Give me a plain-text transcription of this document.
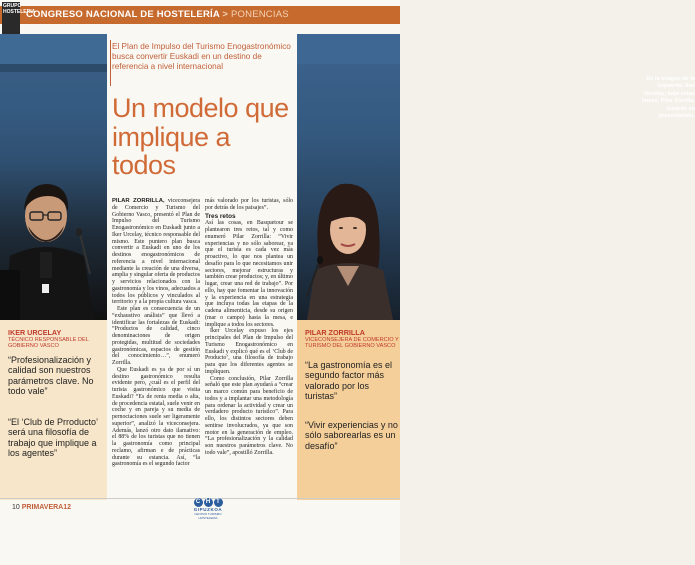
CONGRESO NACIONAL DE HOSTELERÍA > PONENCIAS
GRUPO HOSTELERIA
En la imagen de la izquierda, Iker Urcelay; bajo estas líneas, Pilar Zorrilla, durante su presentación.
El Plan de Impulso del Turismo Enogastronómico busca convertir Euskadi en un destino de referencia a nivel internacional
Un modelo que implique a todos

PILAR ZORRILLA, viceconsejera de Comercio y Turismo del Gobierno Vasco, presentó el Plan de Impulso del Turismo Enogastronómico en Euskadi junto a Iker Urcelay, técnico responsable del mismo. Este puntero plan busca convertir a Euskadi en uno de los destinos enogastronómicos de referencia a nivel internacional mediante la creación de una diversa, amplia y singular oferta de productos y servicios relacionados con la gastronomía y los vinos, adecuados a todos los públicos y vinculados al territorio y a la propia cultura vasca.

Este plan es consecuencia de un “exhaustivo análisis” que llevó a identificar las fortalezas de Euskadi: “Productos de calidad, cinco denominaciones de origen protegidas, multitud de sociedades gastronómicas, espacios de gestión del conocimiento…”, enumeró Zorrilla.

Que Euskadi es ya de por sí un destino gastronómico resulta evidente pero, ¿cuál es el perfil del turista gastronómico que visita Euskadi? “Es de renta media o alta, de procedencia estatal, suele venir en coche y en pareja y su media de pernoctaciones suele ser ligeramente superior”, analizó la viceconsejera. Además, lanzó otro dato ilamativo: el 88% de los turistas que no tienen la gastronomía como principal reclamo, afirman e de prácticas durante su estancia. Así, “la gastronomía es el segundo factor

más valorado por los turistas, sólo por detrás de los paisajes”.

Tres retos

Así las cosas, en Basquetour se plantearon tres retos, tal y como enumeró Pilar Zorrilla: “Vivir experiencias y no sólo saborear, ya que el turista es cada vez más proactivo, lo que nos plantea un desafío para lo que necesitamos unir sectores, mejorar estructuras y también crear productos; y, en último lugar, crear una red de trabajo”. Por ello, hay que fomentar la innovación y la experiencia en una estrategia que incluya todas las etapas de la cadena alimenticia, desde su origen (mar o campo) hasta la mesa, e implique a todos los sectores.

Iker Urcelay expuso los ejes principales del Plan de Impulso del Turismo Enogastronómico en Euskadi y explicó qué es el ‘Club de Producto’, una filosofía de trabajo para que los diferentes agentes se impliquen.

Como conclusión, Pilar Zorrilla señaló que este plan ayudará a “crear un marco común para beneficio de todos y a implantar una metodología para ordenar la actividad y crear un verdadero producto turístico”. Para ello, los distintos sectores deben sentirse involucrados, ya que son motor en la generación de empleo. “La profesionalización y la calidad son nuestros parámetros clave. No todo vale”, apostilló Zorrilla.

IKER URCELAY
TÉCNICO RESPONSABLE DEL GOBIERNO VASCO
“Profesionalización y calidad son nuestros parámetros clave. No todo vale”
“El ‘Club de Prroducto’ será una filosofía de trabajo que implique a los agentes”
PILAR ZORRILLA
VICECONSEJERA DE COMERCIO Y TURISMO DEL GOBIERNO VASCO
“La gastronomía es el segundo factor más valorado por los turistas”
“Vivir experiencias y no sólo saborearlas es un desafío”
10 PRIMAVERA12
C H T
GIPUZKOA
CENTRO TURISMO HOSTELERIA
